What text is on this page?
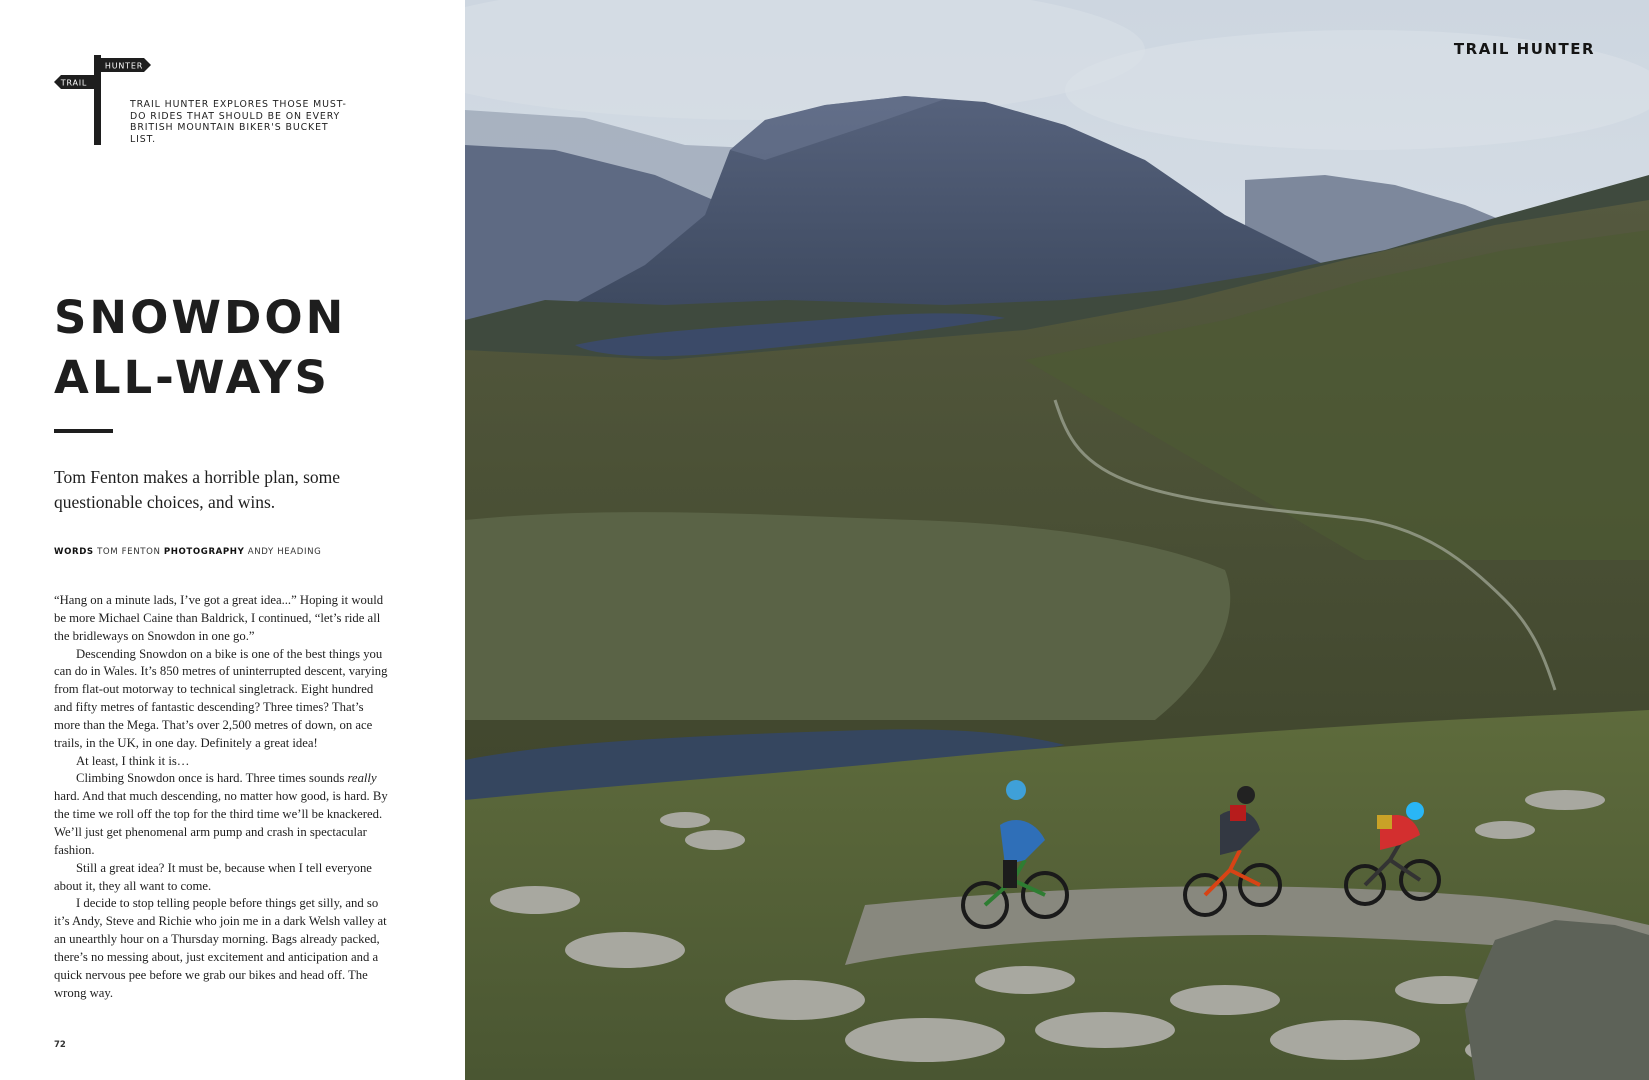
HUNTER
TRAIL

TRAIL HUNTER EXPLORES THOSE MUST-DO RIDES THAT SHOULD BE ON EVERY BRITISH MOUNTAIN BIKER'S BUCKET LIST.

SNOWDON
ALL-WAYS

Tom Fenton makes a horrible plan, some questionable choices, and wins.

WORDS TOM FENTON PHOTOGRAPHY ANDY HEADING

“Hang on a minute lads, I’ve got a great idea...” Hoping it would be more Michael Caine than Baldrick, I continued, “let’s ride all the bridleways on Snowdon in one go.”

Descending Snowdon on a bike is one of the best things you can do in Wales. It’s 850 metres of uninterrupted descent, varying from flat-out motorway to technical singletrack. Eight hundred and fifty metres of fantastic descending? Three times? That’s more than the Mega. That’s over 2,500 metres of down, on ace trails, in the UK, in one day. Definitely a great idea!

At least, I think it is…

Climbing Snowdon once is hard. Three times sounds really hard. And that much descending, no matter how good, is hard. By the time we roll off the top for the third time we’ll be knackered. We’ll just get phenomenal arm pump and crash in spectacular fashion.

Still a great idea? It must be, because when I tell everyone about it, they all want to come.

I decide to stop telling people before things get silly, and so it’s Andy, Steve and Richie who join me in a dark Welsh valley at an unearthly hour on a Thursday morning. Bags already packed, there’s no messing about, just excitement and anticipation and a quick nervous pee before we grab our bikes and head off. The wrong way.

72

TRAIL HUNTER
